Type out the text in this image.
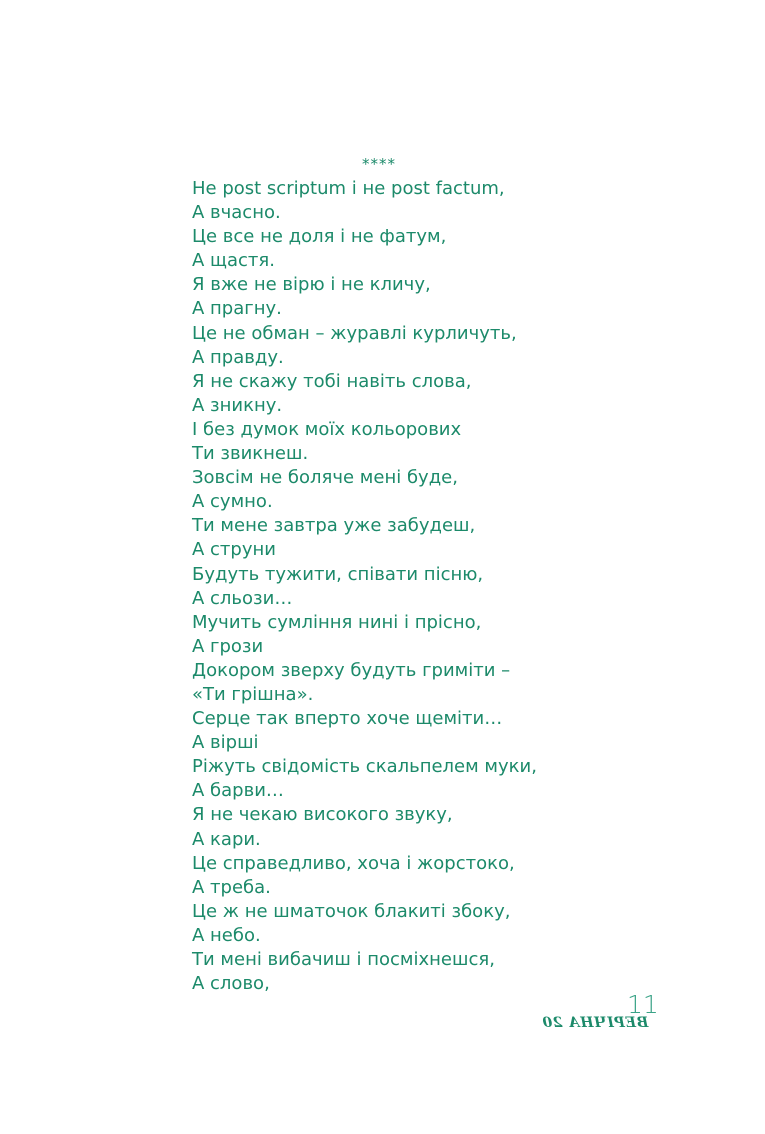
****
Не post scriptum і не post factum,
А вчасно.
Це все не доля і не фатум,
А щастя.
Я вже не вірю і не кличу,
А прагну.
Це не обман – журавлі курличуть,
А правду.
Я не скажу тобі навіть слова,
А зникну.
І без думок моїх кольорових
Ти звикнеш.
Зовсім не боляче мені буде,
А сумно.
Ти мене завтра уже забудеш,
А струни
Будуть тужити, співати пісню,
А сльози…
Мучить сумління нині і прісно,
А грози
Докором зверху будуть гриміти –
«Ти грішна».
Серце так вперто хоче щеміти…
А вірші
Ріжуть свідомість скальпелем муки,
А барви…
Я не чекаю високого звуку,
А кари.
Це справедливо, хоча і жорстоко,
А треба.
Це ж не шматочок блакиті збоку,
А небо.
Ти мені вибачиш і посміхнешся,
А слово,
11
ВЕРІЧНА 20
